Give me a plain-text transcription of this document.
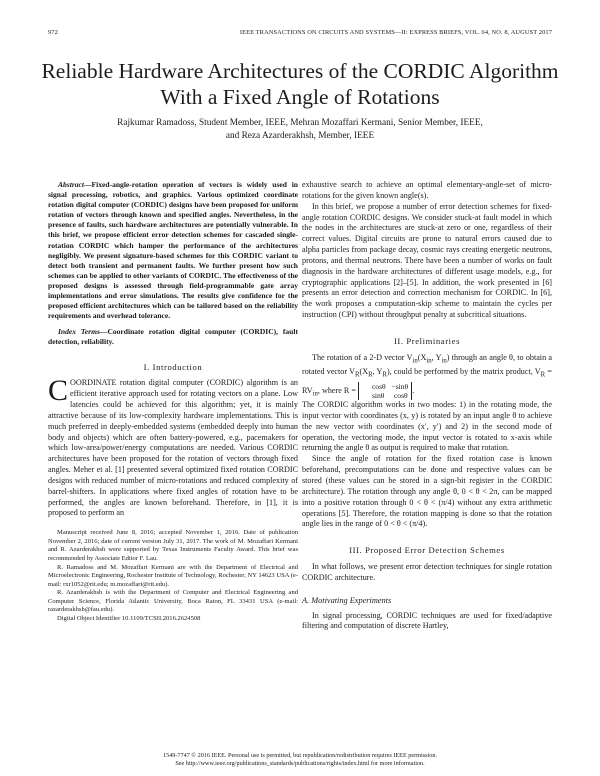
972	IEEE TRANSACTIONS ON CIRCUITS AND SYSTEMS—II: EXPRESS BRIEFS, VOL. 64, NO. 8, AUGUST 2017
Reliable Hardware Architectures of the CORDIC Algorithm With a Fixed Angle of Rotations
Rajkumar Ramadoss, Student Member, IEEE, Mehran Mozaffari Kermani, Senior Member, IEEE,
and Reza Azarderakhsh, Member, IEEE

Abstract—Fixed-angle-rotation operation of vectors is widely used in signal processing, robotics, and graphics. Various optimized coordinate rotation digital computer (CORDIC) designs have been proposed for uniform rotation of vectors through known and specified angles. Nevertheless, in the presence of faults, such hardware architectures are potentially vulnerable. In this brief, we propose efficient error detection schemes for cascaded single-rotation CORDIC which hamper the performance of the architectures negligibly. We present signature-based schemes for this CORDIC variant to detect both transient and permanent faults. We further present how such schemes can be applied to other variants of CORDIC. The effectiveness of the proposed designs is assessed through field-programmable gate array implementations and error simulations. The results give confidence for the proposed efficient architectures which can be tailored based on the reliability requirements and overhead tolerance.

Index Terms—Coordinate rotation digital computer (CORDIC), fault detection, reliability.

I. Introduction

COORDINATE rotation digital computer (CORDIC) algorithm is an efficient iterative approach used for rotating vectors on a plane. Low latencies could be achieved for this algorithm; yet, it is mainly attractive because of its low-complexity hardware implementations. This is much preferred in deeply-embedded systems (embedded deeply into human body and objects) which are often battery-powered, e.g., pacemakers for which low-area/power/energy computations are needed. Various CORDIC architectures have been proposed for the rotation of vectors through fixed angles. Meher et al. [1] presented several optimized fixed rotation CORDIC designs with reduced number of micro-rotations and reduced complexity of barrel-shifters. In applications where fixed angles of rotation have to be performed, the angles are known beforehand. Therefore, in [1], it is proposed to perform an

Manuscript received June 8, 2016; accepted November 1, 2016. Date of publication November 2, 2016; date of current version July 31, 2017. The work of M. Mozaffari Kermani and R. Azarderakhsh were supported by Texas Instruments Faculty Award. This brief was recommended by Associate Editor F. Lau.

R. Ramadoss and M. Mozaffari Kermani are with the Department of Electrical and Microelectronic Engineering, Rochester Institute of Technology, Rochester, NY 14623 USA (e-mail: rxr1052@rit.edu; m.mozaffari@rit.edu).

R. Azarderakhsh is with the Department of Computer and Electrical Engineering and Computer Science, Florida Atlantic University, Boca Raton, FL 33431 USA (e-mail: razarderakhsh@fau.edu).

Digital Object Identifier 10.1109/TCSII.2016.2624508

exhaustive search to achieve an optimal elementary-angle-set of micro-rotations for the given known angle(s).

In this brief, we propose a number of error detection schemes for fixed-angle rotation CORDIC designs. We consider stuck-at fault model in which the nodes in the architectures are stuck-at zero or one, regardless of their correct values. Digital circuits are prone to natural errors caused due to alpha particles from package decay, cosmic rays creating energetic neutrons, protons, and thermal neutrons. There have been a number of works on fault diagnosis in the hardware architectures of different usage models, e.g., for cryptographic applications [2]–[5]. In addition, the work presented in [6] presents an error detection and correction mechanism for CORDIC. In [6], the work proposes a computation-skip scheme to maintain the cycles per instruction (CPI) without throughput penalty at subcritical situations.

II. Preliminaries

The rotation of a 2-D vector $V_{in}(X_{in}$, $Y_{in}$) through an angle θ, to obtain a rotated vector $V_R(X_R$, $Y_R$), could be performed by the matrix product, $V_R = RV_{in}$, where R =	cosθ −sinθ
sinθ cosθ
.

The CORDIC algorithm works in two modes: 1) in the rotating mode, the input vector with coordinates (x, y) is rotated by an input angle θ to achieve the new vector with coordinates (x′, y′) and 2) in the second mode of operation, the vectoring mode, the input vector is rotated to x-axis while returning the angle θ as output is required to make that rotation.

Since the angle of rotation for the fixed rotation case is known beforehand, precomputations can be done and respective values can be stored (these values can be stored in a sign-bit register in the CORDIC architecture). The rotation through any angle θ, 0 < θ < 2π, can be mapped into a positive rotation through 0 < θ < (π/4) without any extra arithmetic operations [5]. Therefore, the rotation mapping is done so that the rotation angle lies in the range of 0 < θ < (π/4).

III. Proposed Error Detection Schemes

In what follows, we present error detection techniques for single rotation CORDIC architecture.

A. Motivating Experiments

In signal processing, CORDIC techniques are used for fixed/adaptive filtering and computation of discrete Hartley,

1549-7747 © 2016 IEEE. Personal use is permitted, but republication/redistribution requires IEEE permission.
See http://www.ieee.org/publications_standards/publications/rights/index.html for more information.
